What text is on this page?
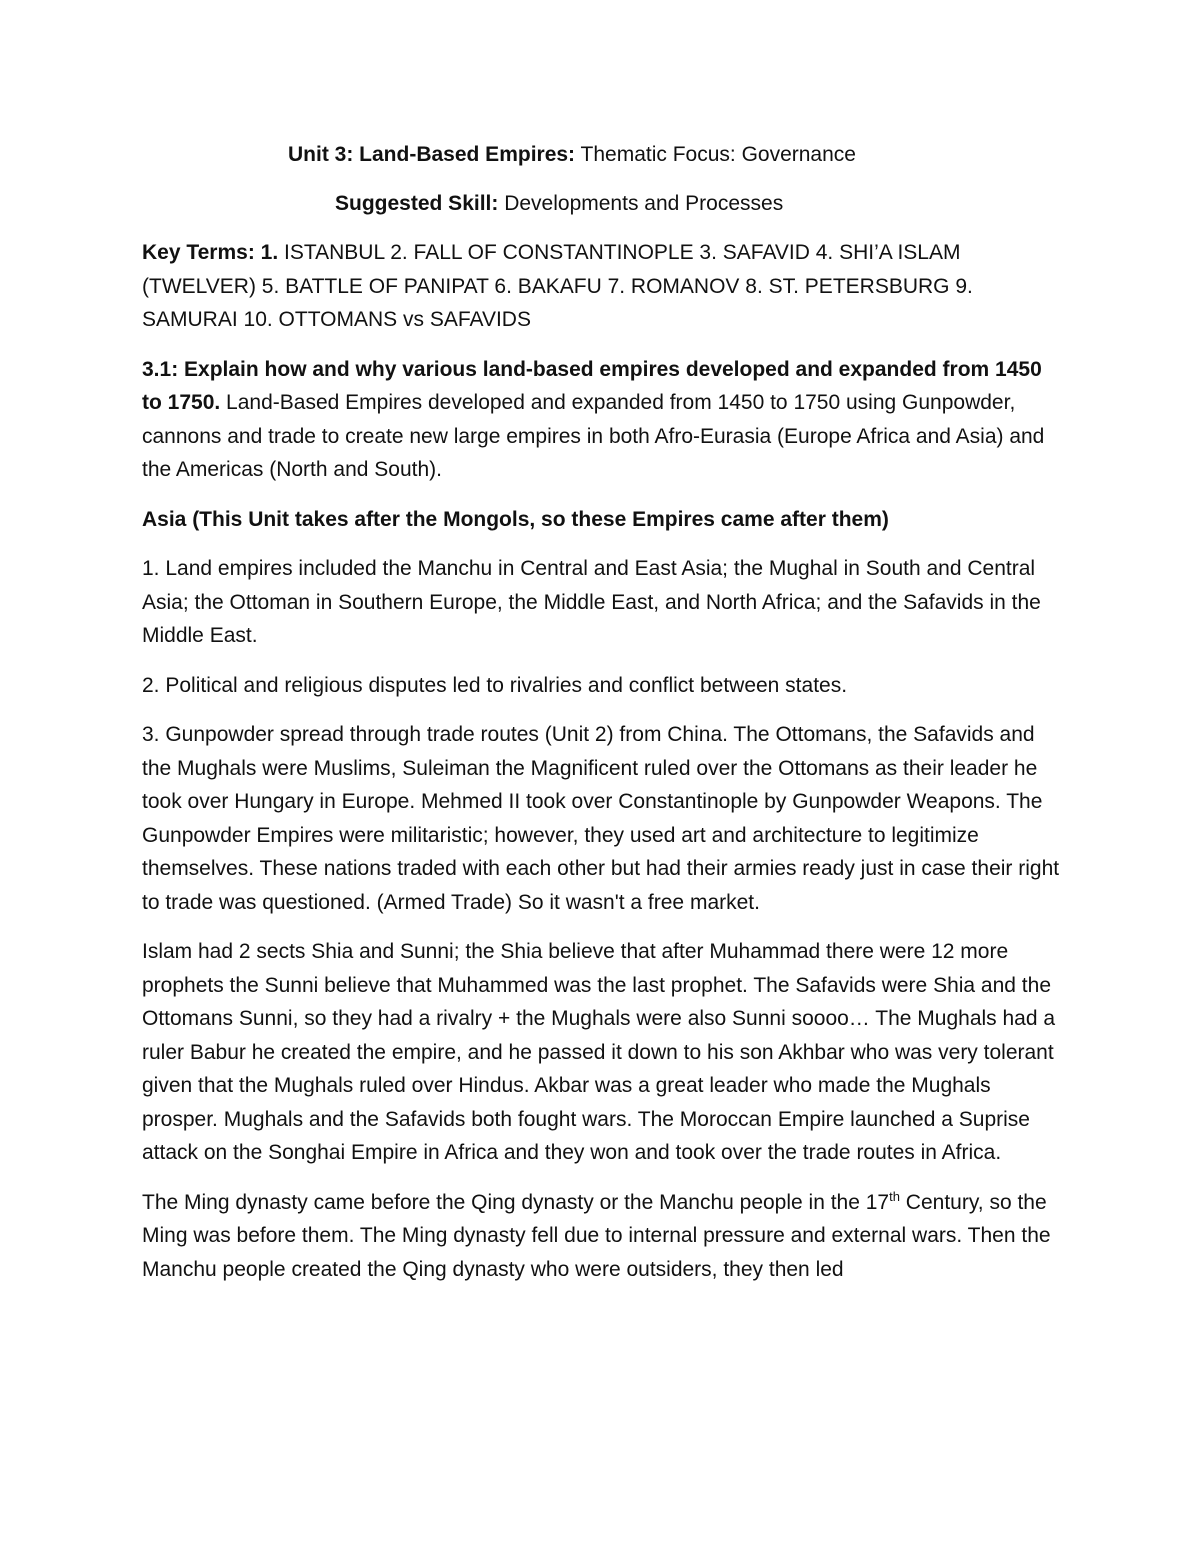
Unit 3: Land-Based Empires: Thematic Focus: Governance

Suggested Skill: Developments and Processes

Key Terms: 1. ISTANBUL 2. FALL OF CONSTANTINOPLE 3. SAFAVID 4. SHI’A ISLAM (TWELVER) 5. BATTLE OF PANIPAT 6. BAKAFU 7. ROMANOV 8. ST. PETERSBURG 9. SAMURAI 10. OTTOMANS vs SAFAVIDS

3.1: Explain how and why various land-based empires developed and expanded from 1450 to 1750. Land-Based Empires developed and expanded from 1450 to 1750 using Gunpowder, cannons and trade to create new large empires in both Afro-Eurasia (Europe Africa and Asia) and the Americas (North and South).

Asia (This Unit takes after the Mongols, so these Empires came after them)

1. Land empires included the Manchu in Central and East Asia; the Mughal in South and Central Asia; the Ottoman in Southern Europe, the Middle East, and North Africa; and the Safavids in the Middle East.

2. Political and religious disputes led to rivalries and conflict between states.

3. Gunpowder spread through trade routes (Unit 2) from China. The Ottomans, the Safavids and the Mughals were Muslims, Suleiman the Magnificent ruled over the Ottomans as their leader he took over Hungary in Europe. Mehmed II took over Constantinople by Gunpowder Weapons. The Gunpowder Empires were militaristic; however, they used art and architecture to legitimize themselves. These nations traded with each other but had their armies ready just in case their right to trade was questioned. (Armed Trade) So it wasn't a free market.

Islam had 2 sects Shia and Sunni; the Shia believe that after Muhammad there were 12 more prophets the Sunni believe that Muhammed was the last prophet. The Safavids were Shia and the Ottomans Sunni, so they had a rivalry + the Mughals were also Sunni soooo… The Mughals had a ruler Babur he created the empire, and he passed it down to his son Akhbar who was very tolerant given that the Mughals ruled over Hindus. Akbar was a great leader who made the Mughals prosper. Mughals and the Safavids both fought wars. The Moroccan Empire launched a Suprise attack on the Songhai Empire in Africa and they won and took over the trade routes in Africa.

The Ming dynasty came before the Qing dynasty or the Manchu people in the 17th Century, so the Ming was before them. The Ming dynasty fell due to internal pressure and external wars. Then the Manchu people created the Qing dynasty who were outsiders, they then led
